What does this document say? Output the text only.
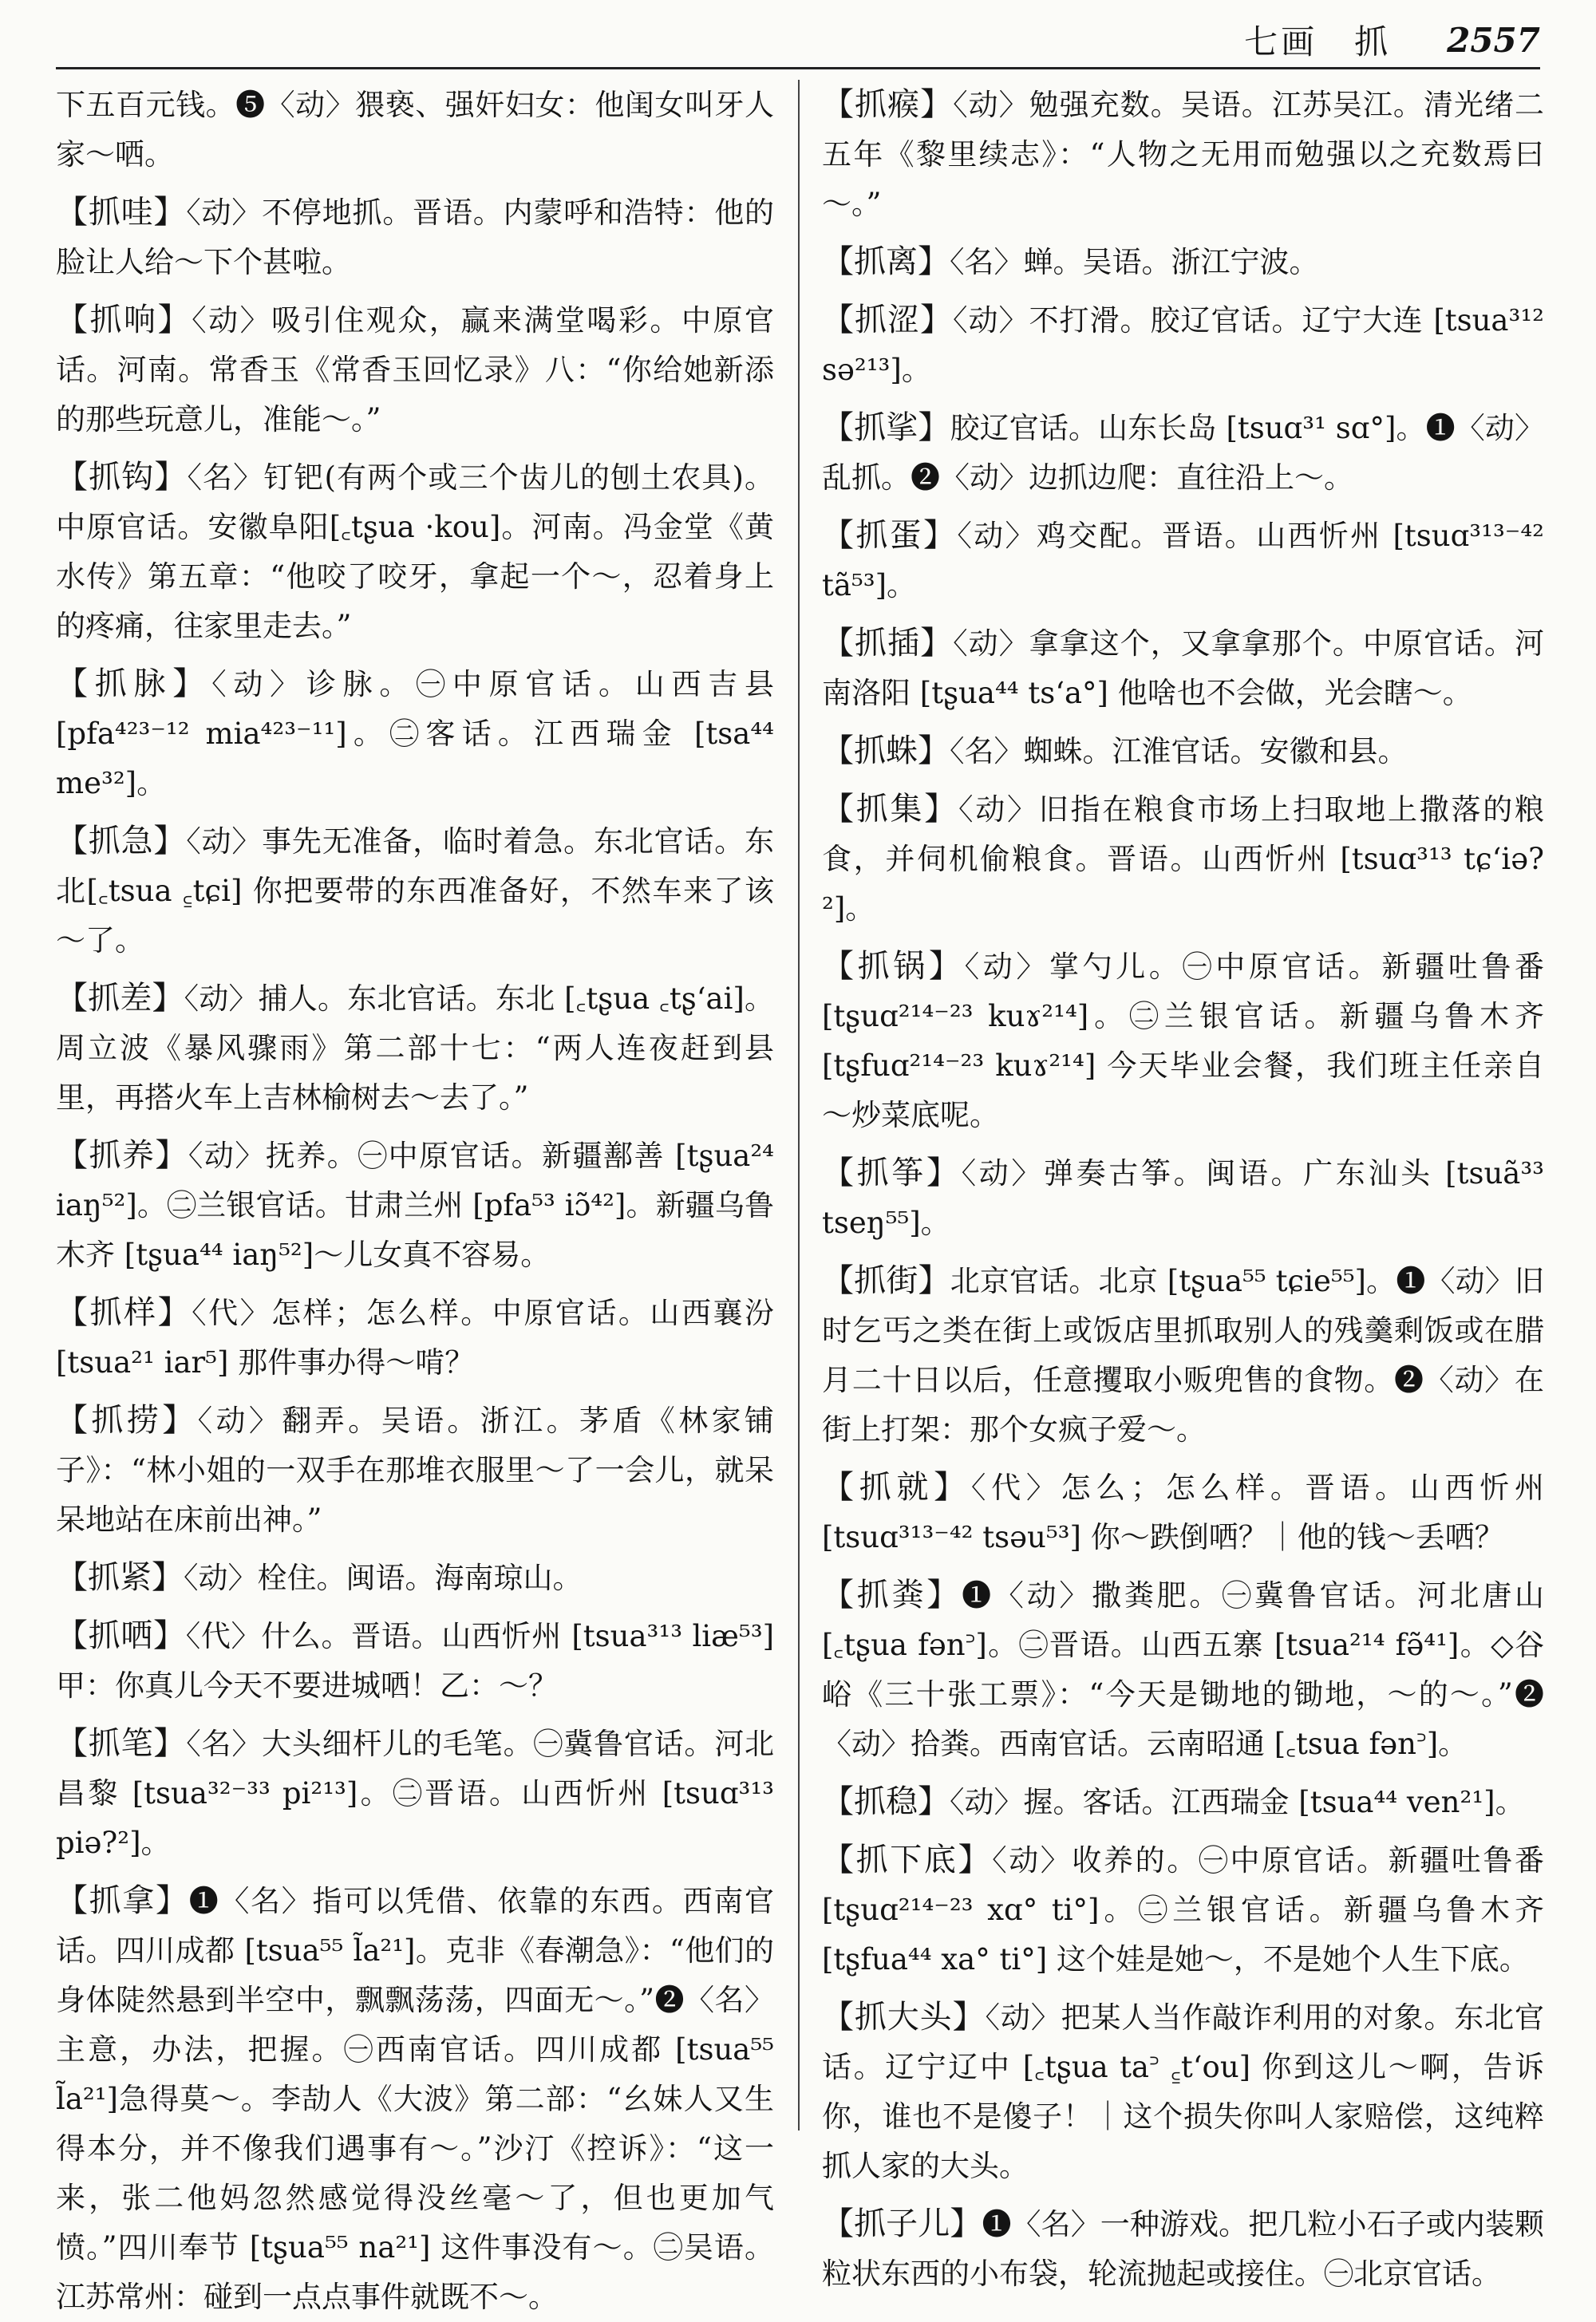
七画　抓 2557
下五百元钱。❺〈动〉猥亵、强奸妇女：他闺女叫牙人家～哂。
【抓哇】〈动〉不停地抓。晋语。内蒙呼和浩特：他的脸让人给～下个甚啦。
【抓响】〈动〉吸引住观众，赢来满堂喝彩。中原官话。河南。常香玉《常香玉回忆录》八：“你给她新添的那些玩意儿，准能～。”
【抓钩】〈名〉钉钯(有两个或三个齿儿的刨土农具)。中原官话。安徽阜阳[꜀tʂua ·kou]。河南。冯金堂《黄水传》第五章：“他咬了咬牙，拿起一个～，忍着身上的疼痛，往家里走去。”
【抓脉】〈动〉诊脉。㊀中原官话。山西吉县 [pfa⁴²³⁻¹² mia⁴²³⁻¹¹]。㊁客话。江西瑞金 [tsa⁴⁴ me³²]。
【抓急】〈动〉事先无准备，临时着急。东北官话。东北[꜀tsua ꜁tɕi] 你把要带的东西准备好，不然车来了该～了。
【抓差】〈动〉捕人。东北官话。东北 [꜀tʂua ꜀tʂ‘ai]。周立波《暴风骤雨》第二部十七：“两人连夜赶到县里，再搭火车上吉林榆树去～去了。”
【抓养】〈动〉抚养。㊀中原官话。新疆鄯善 [tʂua²⁴ iaŋ⁵²]。㊁兰银官话。甘肃兰州 [pfa⁵³ iɔ̃⁴²]。新疆乌鲁木齐 [tʂua⁴⁴ iaŋ⁵²]～儿女真不容易。
【抓样】〈代〉怎样；怎么样。中原官话。山西襄汾 [tsua²¹ iar⁵] 那件事办得～啃？
【抓捞】〈动〉翻弄。吴语。浙江。茅盾《林家铺子》：“林小姐的一双手在那堆衣服里～了一会儿，就呆呆地站在床前出神。”
【抓紧】〈动〉栓住。闽语。海南琼山。
【抓哂】〈代〉什么。晋语。山西忻州 [tsua³¹³ liæ⁵³] 甲：你真儿今天不要进城哂！乙：～？
【抓笔】〈名〉大头细杆儿的毛笔。㊀冀鲁官话。河北昌黎 [tsua³²⁻³³ pi²¹³]。㊁晋语。山西忻州 [tsuɑ³¹³ piə?²]。
【抓拿】❶〈名〉指可以凭借、依靠的东西。西南官话。四川成都 [tsua⁵⁵ l̃a²¹]。克非《春潮急》：“他们的身体陡然悬到半空中，飘飘荡荡，四面无～。”❷〈名〉主意，办法，把握。㊀西南官话。四川成都 [tsua⁵⁵ l̃a²¹]急得莫～。李劼人《大波》第二部：“幺妹人又生得本分，并不像我们遇事有～。”沙汀《控诉》：“这一来，张二他妈忽然感觉得没丝毫～了，但也更加气愤。”四川奉节 [tʂua⁵⁵ na²¹] 这件事没有～。㊁吴语。江苏常州：碰到一点点事件就既不～。
【抓瘊】〈动〉勉强充数。吴语。江苏吴江。清光绪二五年《黎里续志》：“人物之无用而勉强以之充数焉曰～。”
【抓离】〈名〉蝉。吴语。浙江宁波。
【抓涩】〈动〉不打滑。胶辽官话。辽宁大连 [tsua³¹² sə²¹³]。
【抓挲】胶辽官话。山东长岛 [tsuɑ³¹ sɑ°]。❶〈动〉乱抓。❷〈动〉边抓边爬：直往沿上～。
【抓蛋】〈动〉鸡交配。晋语。山西忻州 [tsuɑ³¹³⁻⁴² tã⁵³]。
【抓插】〈动〉拿拿这个，又拿拿那个。中原官话。河南洛阳 [tʂua⁴⁴ ts‘a°] 他啥也不会做，光会瞎～。
【抓蛛】〈名〉蜘蛛。江淮官话。安徽和县。
【抓集】〈动〉旧指在粮食市场上扫取地上撒落的粮食，并伺机偷粮食。晋语。山西忻州 [tsuɑ³¹³ tɕ‘iə?²]。
【抓锅】〈动〉掌勺儿。㊀中原官话。新疆吐鲁番 [tʂuɑ²¹⁴⁻²³ kuɤ²¹⁴]。㊁兰银官话。新疆乌鲁木齐 [tʂfuɑ²¹⁴⁻²³ kuɤ²¹⁴] 今天毕业会餐，我们班主任亲自～炒菜底呢。
【抓筝】〈动〉弹奏古筝。闽语。广东汕头 [tsuã³³ tseŋ⁵⁵]。
【抓街】北京官话。北京 [tʂua⁵⁵ tɕie⁵⁵]。❶〈动〉旧时乞丐之类在街上或饭店里抓取别人的残羹剩饭或在腊月二十日以后，任意攫取小贩兜售的食物。❷〈动〉在街上打架：那个女疯子爱～。
【抓就】〈代〉怎么；怎么样。晋语。山西忻州 [tsuɑ³¹³⁻⁴² tsəu⁵³] 你～跌倒哂？｜他的钱～丢哂？
【抓粪】❶〈动〉撒粪肥。㊀冀鲁官话。河北唐山 [꜀tʂua fən꜄]。㊁晋语。山西五寨 [tsua²¹⁴ fə̃⁴¹]。◇谷峪《三十张工票》：“今天是锄地的锄地，～的～。”❷〈动〉拾粪。西南官话。云南昭通 [꜀tsua fən꜄]。
【抓稳】〈动〉握。客话。江西瑞金 [tsua⁴⁴ ven²¹]。
【抓下底】〈动〉收养的。㊀中原官话。新疆吐鲁番 [tʂuɑ²¹⁴⁻²³ xɑ° ti°]。㊁兰银官话。新疆乌鲁木齐 [tʂfua⁴⁴ xa° ti°] 这个娃是她～，不是她个人生下底。
【抓大头】〈动〉把某人当作敲诈利用的对象。东北官话。辽宁辽中 [꜀tʂua ta꜄ ꜁t‘ou] 你到这儿～啊，告诉你，谁也不是傻子！｜这个损失你叫人家赔偿，这纯粹抓人家的大头。
【抓子儿】❶〈名〉一种游戏。把几粒小石子或内装颗粒状东西的小布袋，轮流抛起或接住。㊀北京官话。
